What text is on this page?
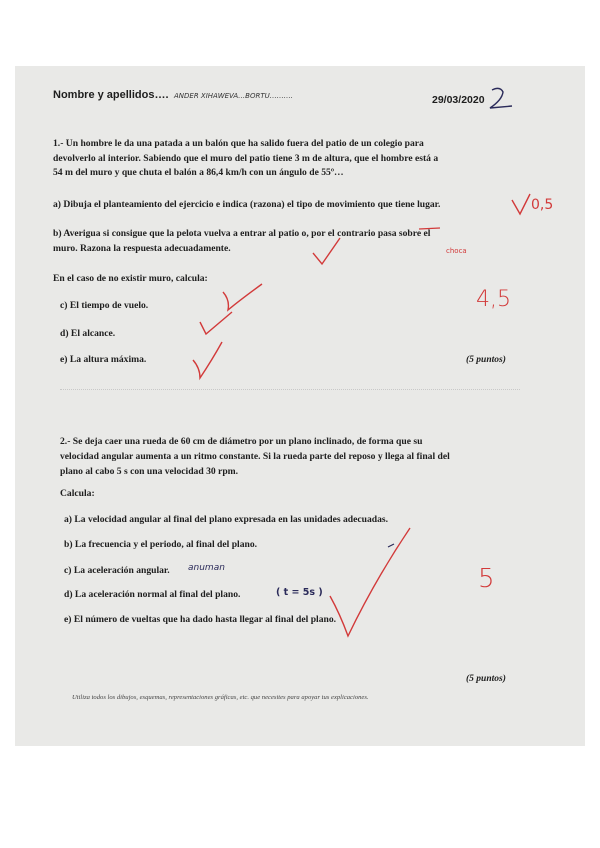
Nombre y apellidos…. ANDER XIHAWEVA…BORTU……….	29/03/2020
1.- Un hombre le da una patada a un balón que ha salido fuera del patio de un colegio para
devolverlo al interior. Sabiendo que el muro del patio tiene 3 m de altura, que el hombre está a
54 m del muro y que chuta el balón a 86,4 km/h con un ángulo de 55º…
a) Dibuja el planteamiento del ejercicio e indica (razona) el tipo de movimiento que tiene lugar.
b) Averigua si consigue que la pelota vuelva a entrar al patio o, por el contrario pasa sobre el
muro. Razona la respuesta adecuadamente.
En el caso de no existir muro, calcula:
c) El tiempo de vuelo.
d) El alcance.
e) La altura máxima.	(5 puntos)
2.- Se deja caer una rueda de 60 cm de diámetro por un plano inclinado, de forma que su
velocidad angular aumenta a un ritmo constante. Si la rueda parte del reposo y llega al final del
plano al cabo 5 s con una velocidad 30 rpm.
Calcula:
a) La velocidad angular al final del plano expresada en las unidades adecuadas.
b) La frecuencia y el periodo, al final del plano.
c) La aceleración angular. anuman
d) La aceleración normal al final del plano.	( t = 5s )
e) El número de vueltas que ha dado hasta llegar al final del plano.
(5 puntos)
Utiliza todos los dibujos, esquemas, representaciones gráficas, etc. que necesites para apoyar tus explicaciones.
0,5
choca
4,5
5
